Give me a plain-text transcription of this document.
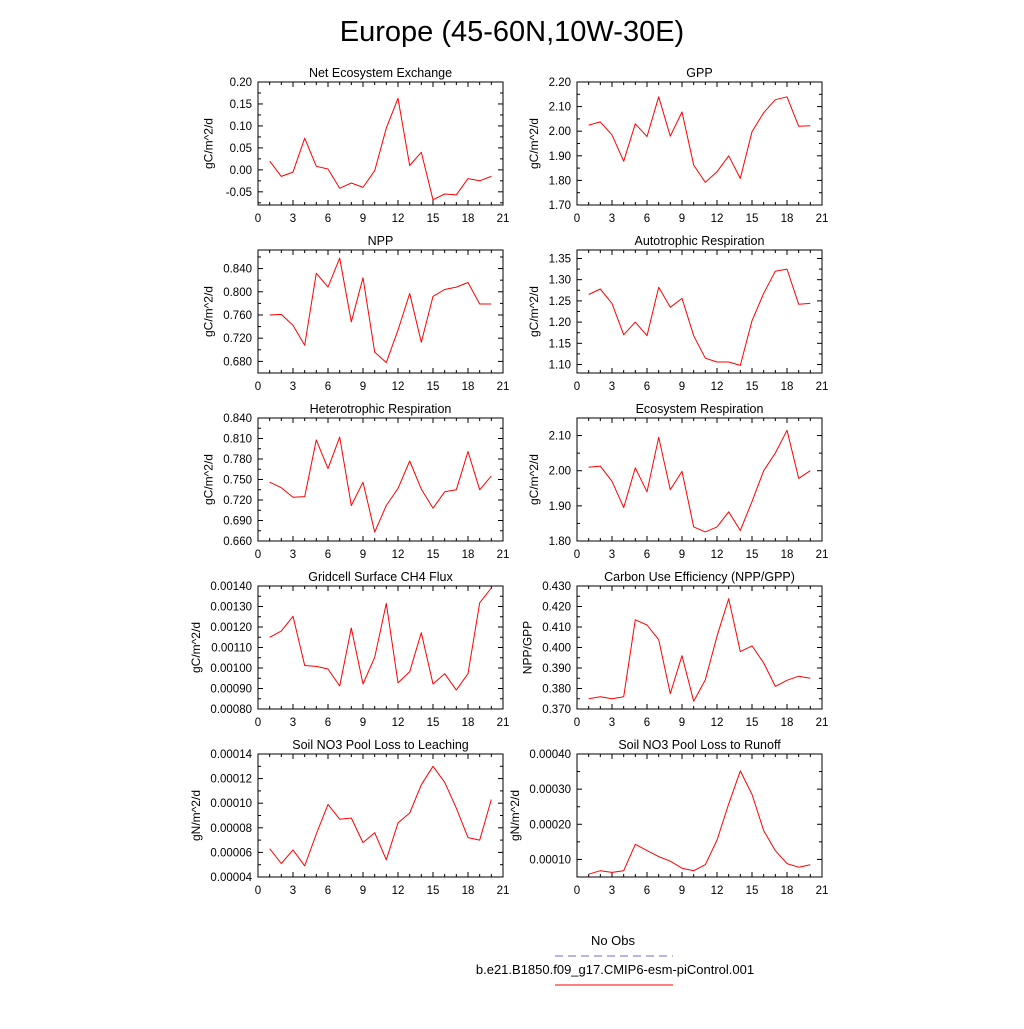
Europe (45-60N,10W-30E)
Net Ecosystem Exchange
0 3 6 9 12 15 18 21
0.20
0.15
0.10
0.05
0.00
-0.05
gC/m^2/d
GPP
0 3 6 9 12 15 18 21
2.20
2.10
2.00
1.90
1.80
1.70
gC/m^2/d
NPP
0 3 6 9 12 15 18 21
0.840
0.800
0.760
0.720
0.680
gC/m^2/d
Autotrophic Respiration
0 3 6 9 12 15 18 21
1.35
1.30
1.25
1.20
1.15
1.10
gC/m^2/d
Heterotrophic Respiration
0 3 6 9 12 15 18 21
0.840
0.810
0.780
0.750
0.720
0.690
0.660
gC/m^2/d
Ecosystem Respiration
0 3 6 9 12 15 18 21
2.10
2.00
1.90
1.80
gC/m^2/d
Gridcell Surface CH4 Flux
0 3 6 9 12 15 18 21
0.00140
0.00130
0.00120
0.00110
0.00100
0.00090
0.00080
gC/m^2/d
Carbon Use Efficiency (NPP/GPP)
0 3 6 9 12 15 18 21
0.430
0.420
0.410
0.400
0.390
0.380
0.370
NPP/GPP
Soil NO3 Pool Loss to Leaching
0 3 6 9 12 15 18 21
0.00014
0.00012
0.00010
0.00008
0.00006
0.00004
gN/m^2/d
Soil NO3 Pool Loss to Runoff
0 3 6 9 12 15 18 21
0.00040
0.00030
0.00020
0.00010
gN/m^2/d
No Obs
b.e21.B1850.f09_g17.CMIP6-esm-piControl.001
